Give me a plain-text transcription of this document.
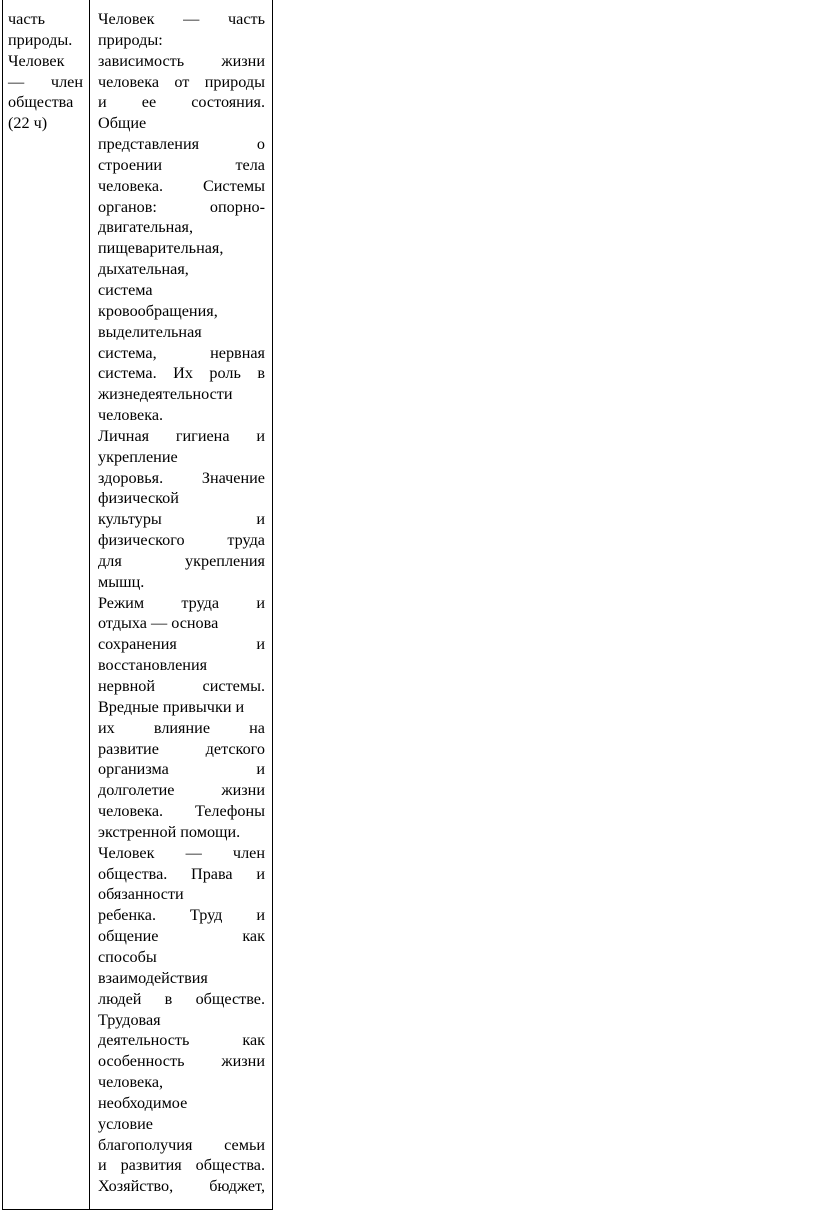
часть
природы.
Человек
— член
общества
(22 ч)
Человек — часть
природы:
зависимость жизни
человека от природы
и ее состояния.
Общие
представления о
строении тела
человека. Системы
органов: опорно-
двигательная,
пищеварительная,
дыхательная,
система
кровообращения,
выделительная
система, нервная
система. Их роль в
жизнедеятельности
человека.
Личная гигиена и
укрепление
здоровья. Значение
физической
культуры и
физического труда
для укрепления
мышц.
Режим труда и
отдыха — основа
сохранения и
восстановления
нервной системы.
Вредные привычки и
их влияние на
развитие детского
организма и
долголетие жизни
человека. Телефоны
экстренной помощи.
Человек — член
общества. Права и
обязанности
ребенка. Труд и
общение как
способы
взаимодействия
людей в обществе.
Трудовая
деятельность как
особенность жизни
человека,
необходимое
условие
благополучия семьи
и развития общества.
Хозяйство, бюджет,
